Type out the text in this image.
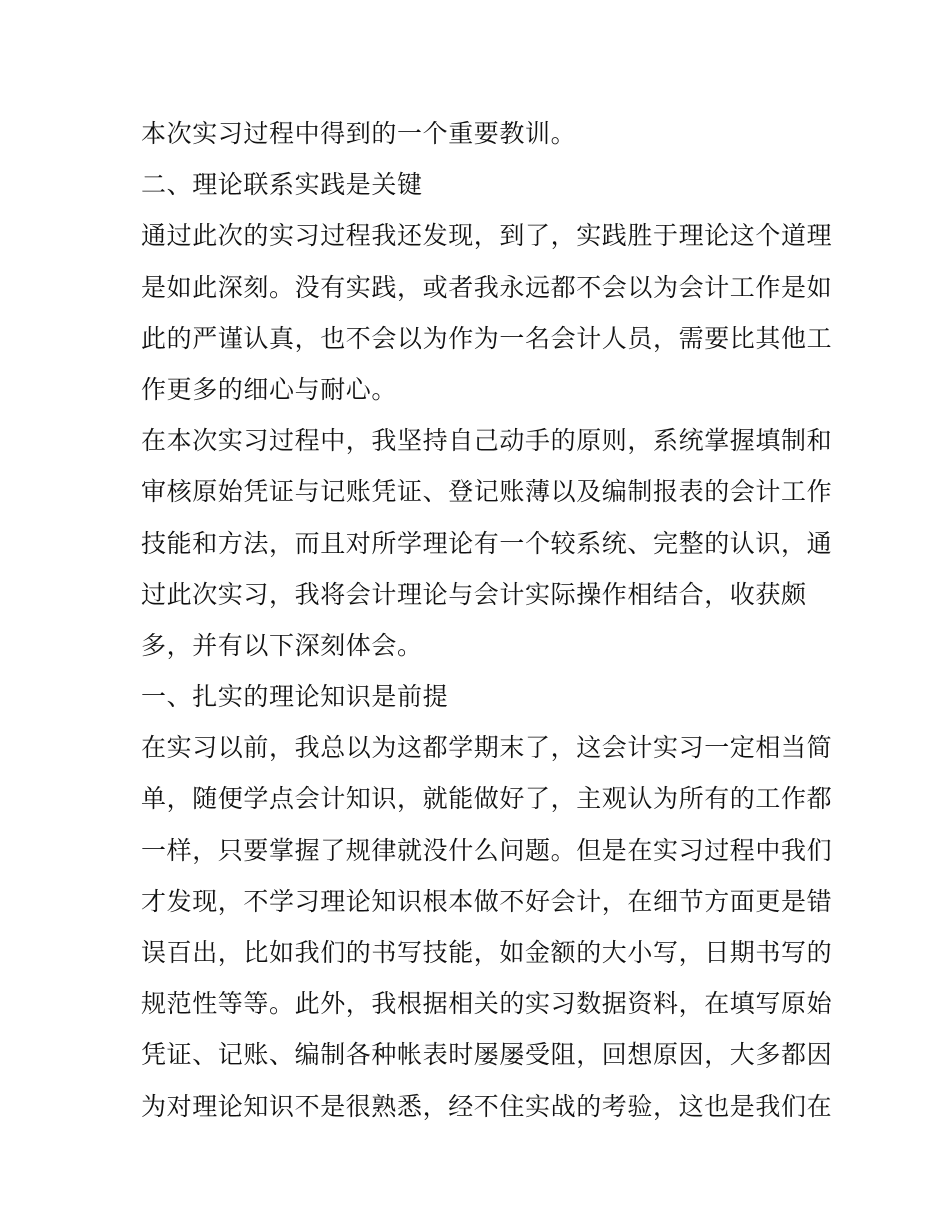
本次实习过程中得到的一个重要教训。
二、理论联系实践是关键
通过此次的实习过程我还发现，到了，实践胜于理论这个道理
是如此深刻。没有实践，或者我永远都不会以为会计工作是如
此的严谨认真，也不会以为作为一名会计人员，需要比其他工
作更多的细心与耐心。
在本次实习过程中，我坚持自己动手的原则，系统掌握填制和
审核原始凭证与记账凭证、登记账薄以及编制报表的会计工作
技能和方法，而且对所学理论有一个较系统、完整的认识，通
过此次实习，我将会计理论与会计实际操作相结合，收获颇
多，并有以下深刻体会。
一、扎实的理论知识是前提
在实习以前，我总以为这都学期末了，这会计实习一定相当简
单，随便学点会计知识，就能做好了，主观认为所有的工作都
一样，只要掌握了规律就没什么问题。但是在实习过程中我们
才发现，不学习理论知识根本做不好会计，在细节方面更是错
误百出，比如我们的书写技能，如金额的大小写，日期书写的
规范性等等。此外，我根据相关的实习数据资料，在填写原始
凭证、记账、编制各种帐表时屡屡受阻，回想原因，大多都因
为对理论知识不是很熟悉，经不住实战的考验，这也是我们在
